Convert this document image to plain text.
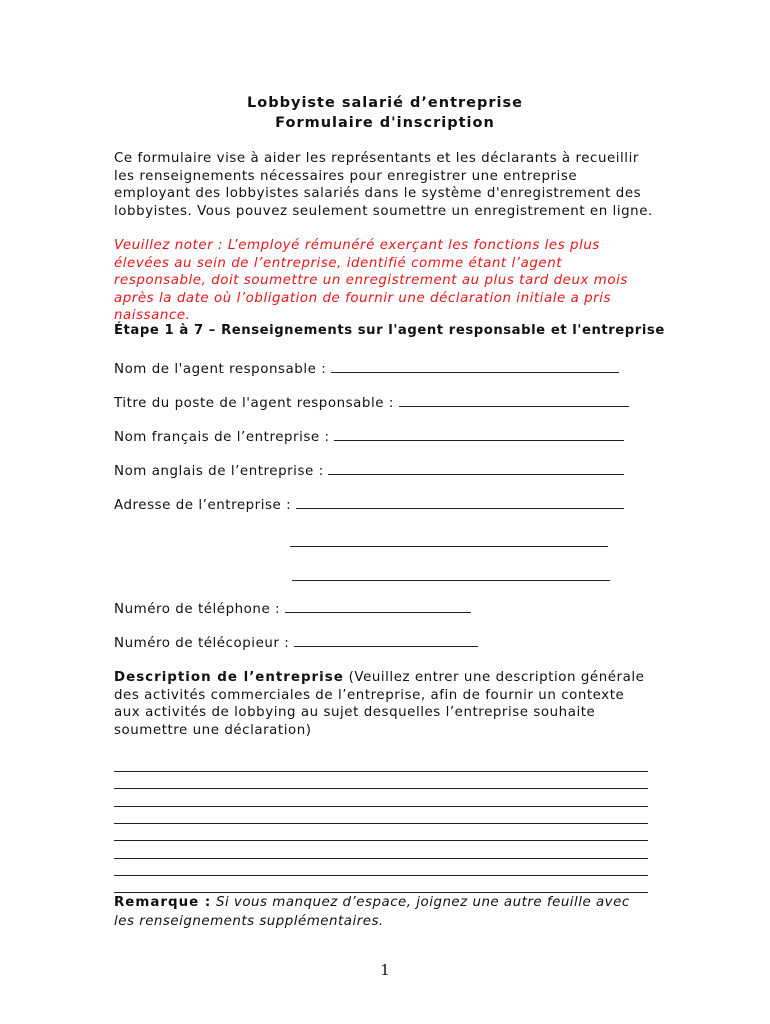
Lobbyiste salarié d’entreprise
Formulaire d'inscription
Ce formulaire vise à aider les représentants et les déclarants à recueillir les renseignements nécessaires pour enregistrer une entreprise employant des lobbyistes salariés dans le système d'enregistrement des lobbyistes. Vous pouvez seulement soumettre un enregistrement en ligne.
Veuillez noter : L’employé rémunéré exerçant les fonctions les plus élevées au sein de l’entreprise, identifié comme étant l’agent responsable, doit soumettre un enregistrement au plus tard deux mois après la date où l’obligation de fournir une déclaration initiale a pris naissance.
Étape 1 à 7 – Renseignements sur l'agent responsable et l'entreprise
Nom de l'agent responsable :
Titre du poste de l'agent responsable :
Nom français de l’entreprise :
Nom anglais de l’entreprise :
Adresse de l’entreprise :
Numéro de téléphone :
Numéro de télécopieur :
Description de l’entreprise (Veuillez entrer une description générale des activités commerciales de l’entreprise, afin de fournir un contexte aux activités de lobbying au sujet desquelles l’entreprise souhaite soumettre une déclaration)
Remarque : Si vous manquez d’espace, joignez une autre feuille avec les renseignements supplémentaires.
1
